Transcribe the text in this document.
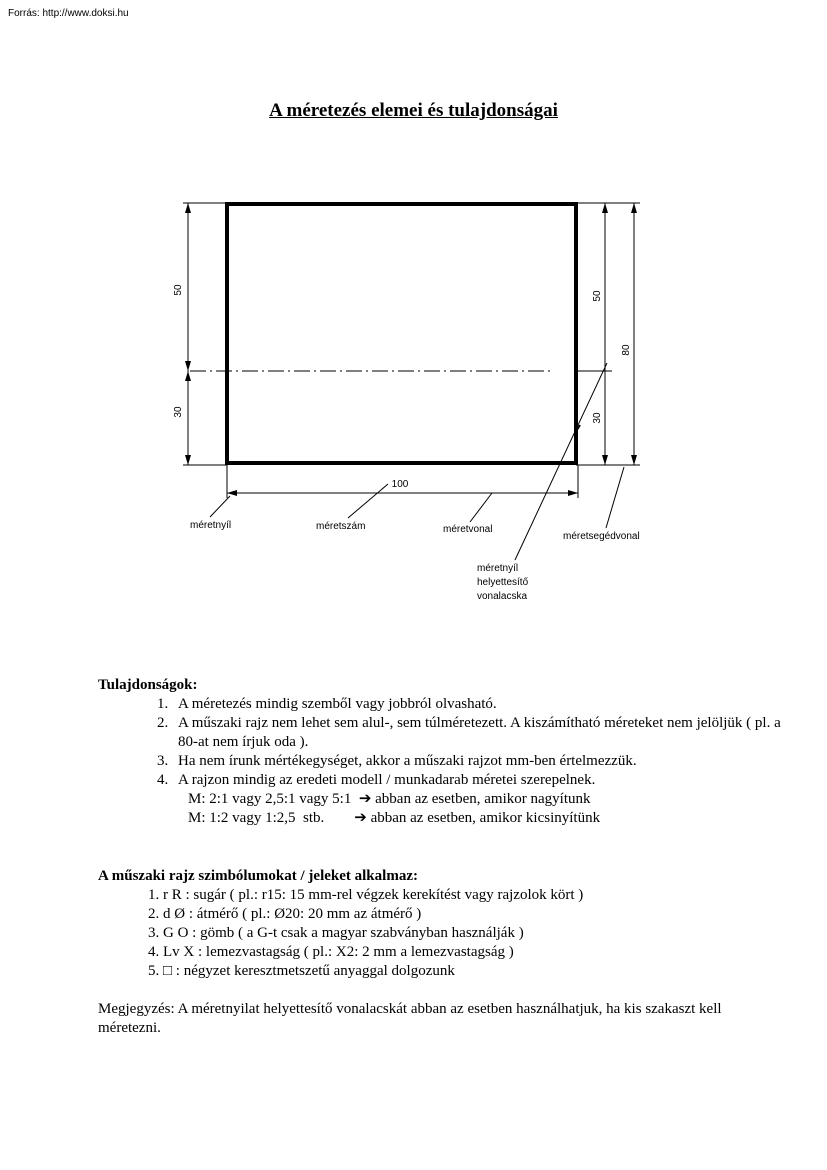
Forrás: http://www.doksi.hu
A méretezés elemei és tulajdonságai
50
30
50
30
80
100
méretnyíl	méretszám	méretvonal
méretsegédvonal
méretnyíl
helyettesítő
vonalacska
Tulajdonságok:
1. A méretezés mindig szemből vagy jobbról olvasható.
2. A műszaki rajz nem lehet sem alul-, sem túlméretezett. A kiszámítható méreteket nem jelöljük ( pl. a 80-at nem írjuk oda ).
3. Ha nem írunk mértékegységet, akkor a műszaki rajzot mm-ben értelmezzük.
4. A rajzon mindig az eredeti modell / munkadarab méretei szerepelnek.
M: 2:1 vagy 2,5:1 vagy 5:1  ➔ abban az esetben, amikor nagyítunk
M: 1:2 vagy 1:2,5  stb.        ➔ abban az esetben, amikor kicsinyítünk
A műszaki rajz szimbólumokat / jeleket alkalmaz:
1. r R : sugár ( pl.: r15: 15 mm-rel végzek kerekítést vagy rajzolok kört )
2. d Ø : átmérő ( pl.: Ø20: 20 mm az átmérő )
3. G O : gömb ( a G-t csak a magyar szabványban használják )
4. Lv X : lemezvastagság ( pl.: X2: 2 mm a lemezvastagság )
5. □ : négyzet keresztmetszetű anyaggal dolgozunk
Megjegyzés: A méretnyilat helyettesítő vonalacskát abban az esetben használhatjuk, ha kis szakaszt kell méretezni.
